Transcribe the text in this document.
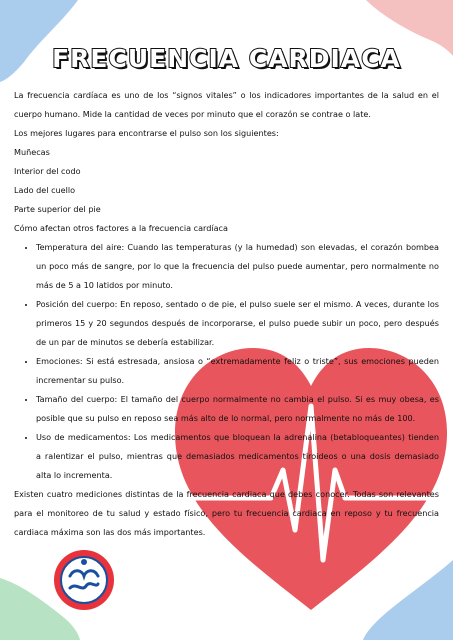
FRECUENCIA CARDIACA

La frecuencia cardíaca es uno de los “signos vitales” o los indicadores importantes de la salud en el cuerpo humano. Mide la cantidad de veces por minuto que el corazón se contrae o late.

Los mejores lugares para encontrarse el pulso son los siguientes:

Muñecas

Interior del codo

Lado del cuello

Parte superior del pie

Cómo afectan otros factores a la frecuencia cardíaca

• Temperatura del aire: Cuando las temperaturas (y la humedad) son elevadas, el corazón bombea un poco más de sangre, por lo que la frecuencia del pulso puede aumentar, pero normalmente no más de 5 a 10 latidos por minuto.
• Posición del cuerpo: En reposo, sentado o de pie, el pulso suele ser el mismo. A veces, durante los primeros 15 y 20 segundos después de incorporarse, el pulso puede subir un poco, pero después de un par de minutos se debería estabilizar.
• Emociones: Si está estresada, ansiosa o “extremadamente feliz o triste”, sus emociones pueden incrementar su pulso.
• Tamaño del cuerpo: El tamaño del cuerpo normalmente no cambia el pulso. Si es muy obesa, es posible que su pulso en reposo sea más alto de lo normal, pero normalmente no más de 100.
• Uso de medicamentos: Los medicamentos que bloquean la adrenalina (betabloqueantes) tienden a ralentizar el pulso, mientras que demasiados medicamentos tiroideos o una dosis demasiado alta lo incrementa.

Existen cuatro mediciones distintas de la frecuencia cardiaca que debes conocer. Todas son relevantes para el monitoreo de tu salud y estado físico, pero tu frecuencia cardiaca en reposo y tu frecuencia cardiaca máxima son las dos más importantes.
